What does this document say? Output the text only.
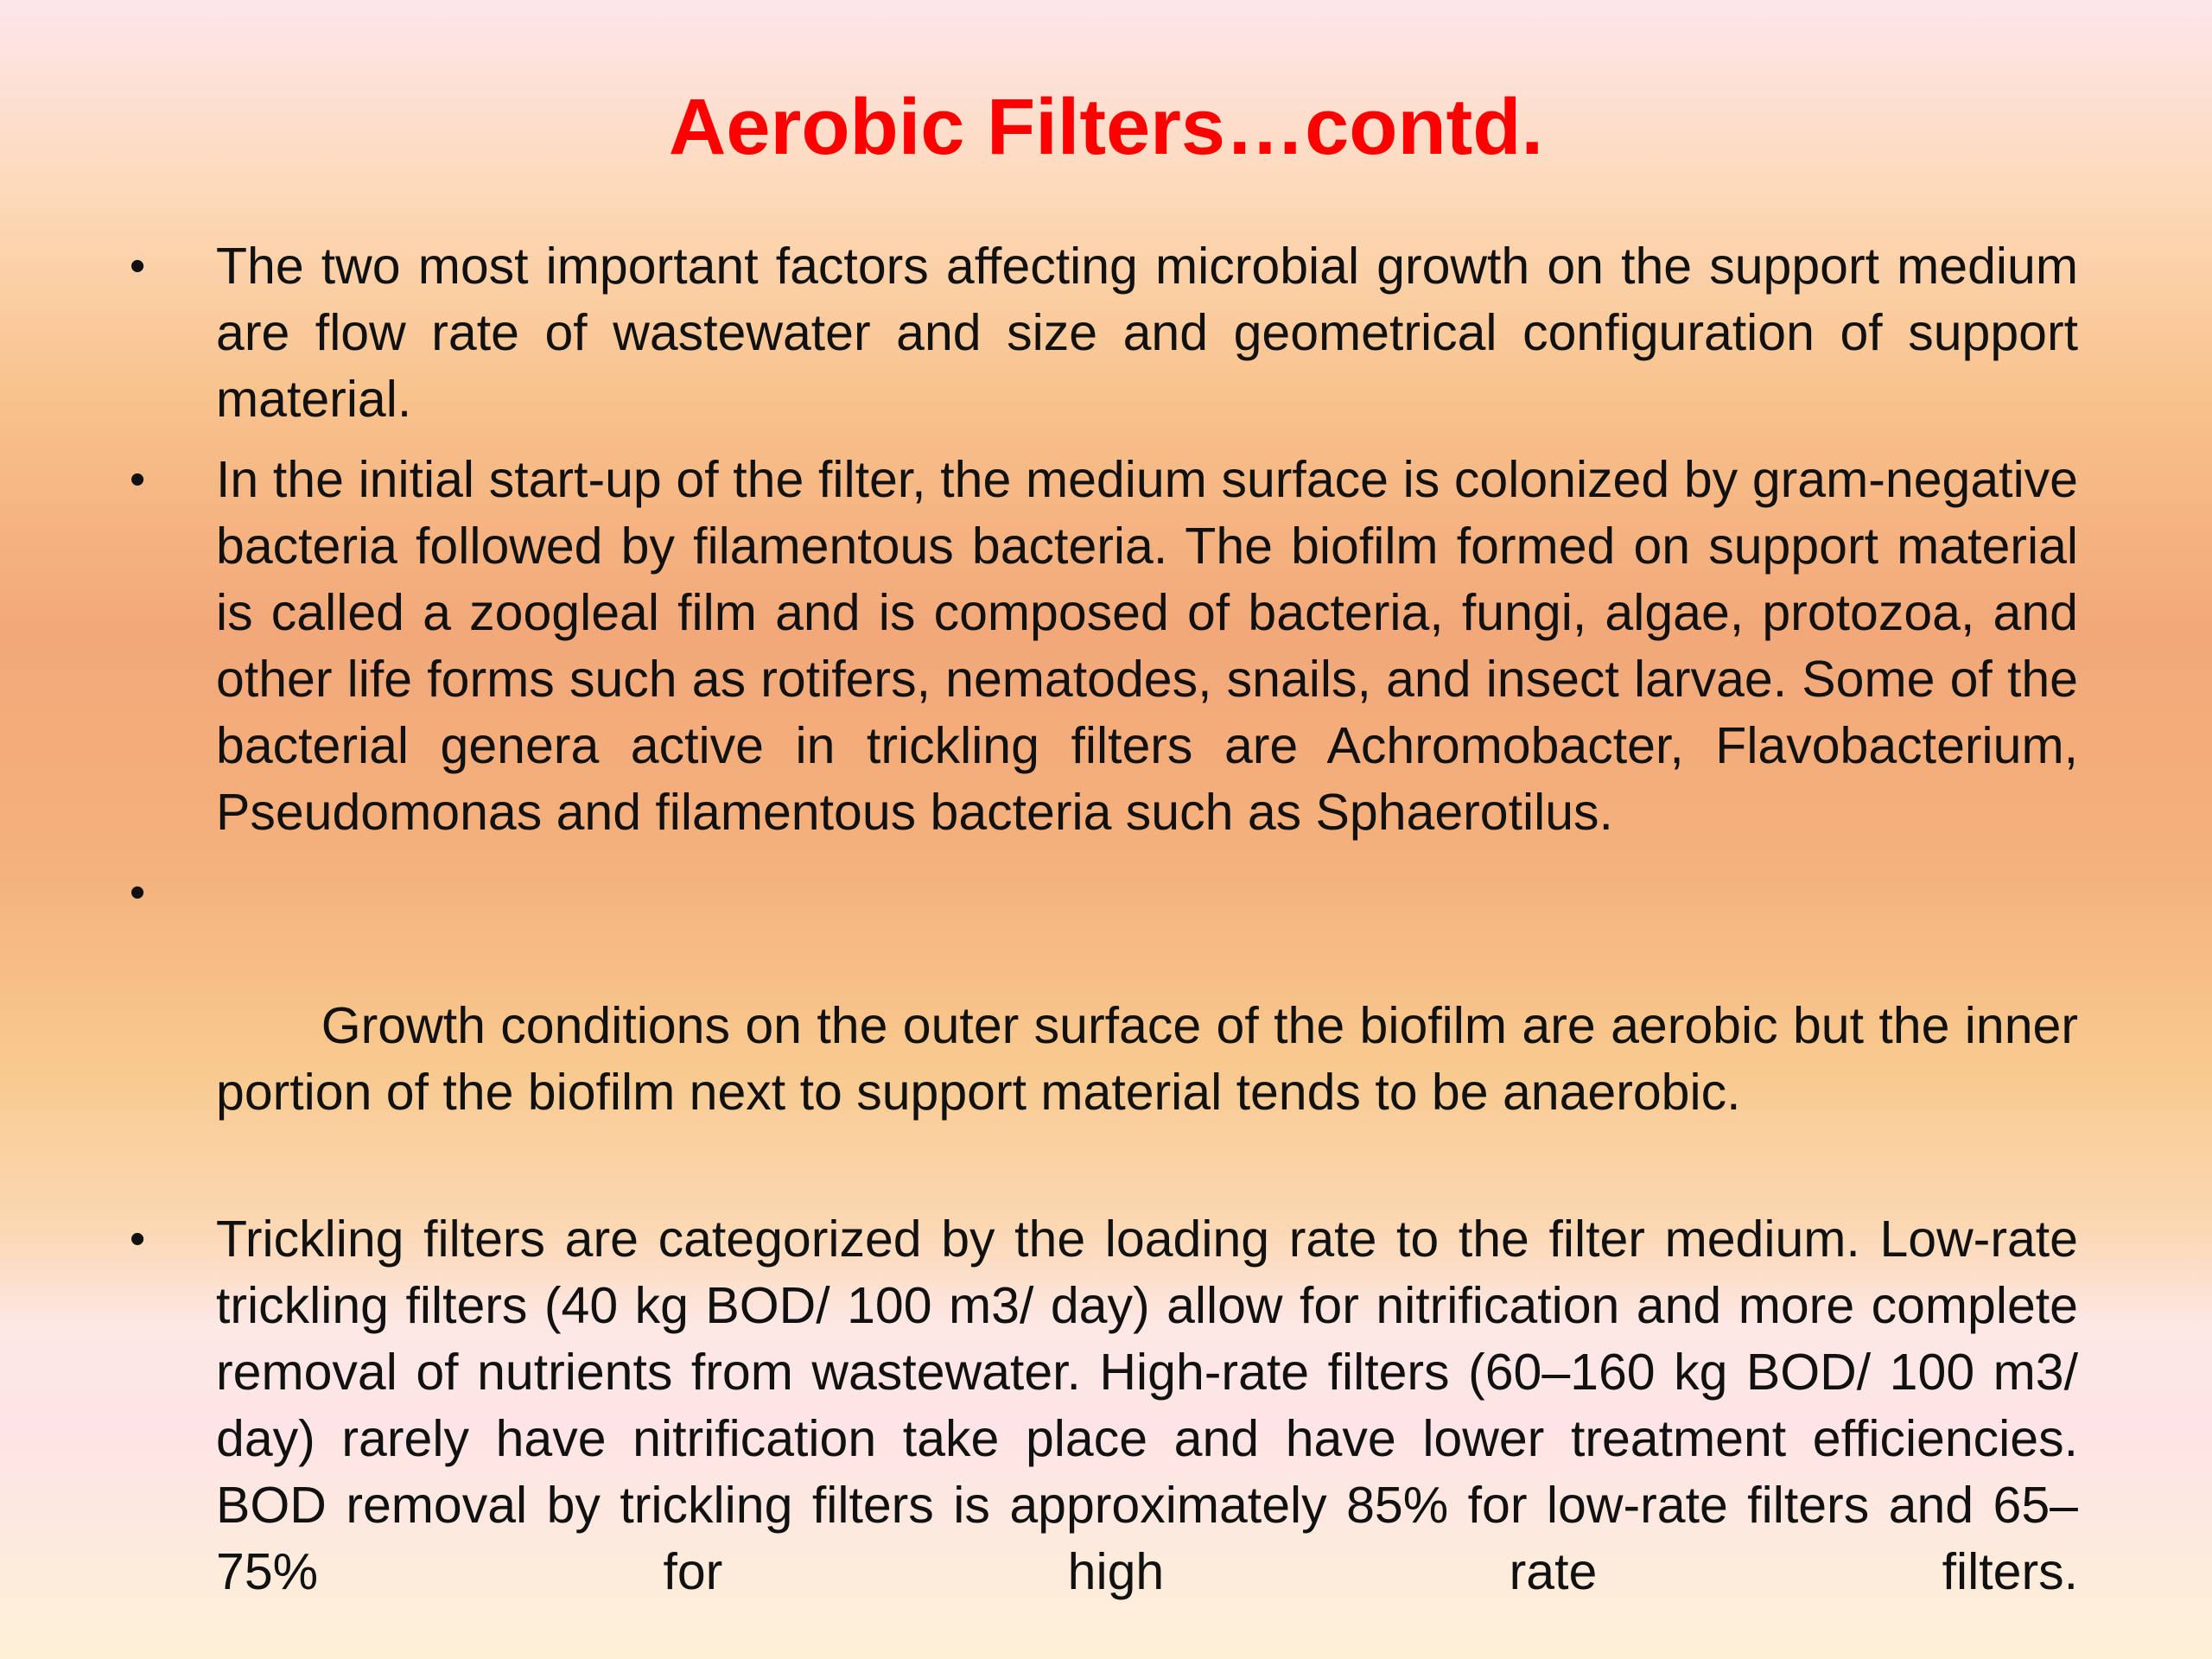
Aerobic Filters…contd.
•	The two most important factors affecting microbial growth on the support medium are flow rate of wastewater and size and geometrical configuration of support material.
•	In the initial start-up of the filter, the medium surface is colonized by gram-negative bacteria followed by filamentous bacteria. The biofilm formed on support material is called a zoogleal film and is composed of bacteria, fungi, algae, protozoa, and other life forms such as rotifers, nematodes, snails, and insect larvae. Some of the bacterial genera active in trickling filters are Achromobacter, Flavobacterium, Pseudomonas and filamentous bacteria such as Sphaerotilus.

•

Growth conditions on the outer surface of the biofilm are aerobic but the inner portion of the biofilm next to support material tends to be anaerobic.

•	Trickling filters are categorized by the loading rate to the filter medium. Low-rate trickling filters (40 kg BOD/ 100 m3/ day) allow for nitrification and more complete removal of nutrients from wastewater. High-rate filters (60–160 kg BOD/ 100 m3/ day) rarely have nitrification take place and have lower treatment efficiencies. BOD removal by trickling filters is approximately 85% for low-rate filters and 65–75% for high rate filters.
